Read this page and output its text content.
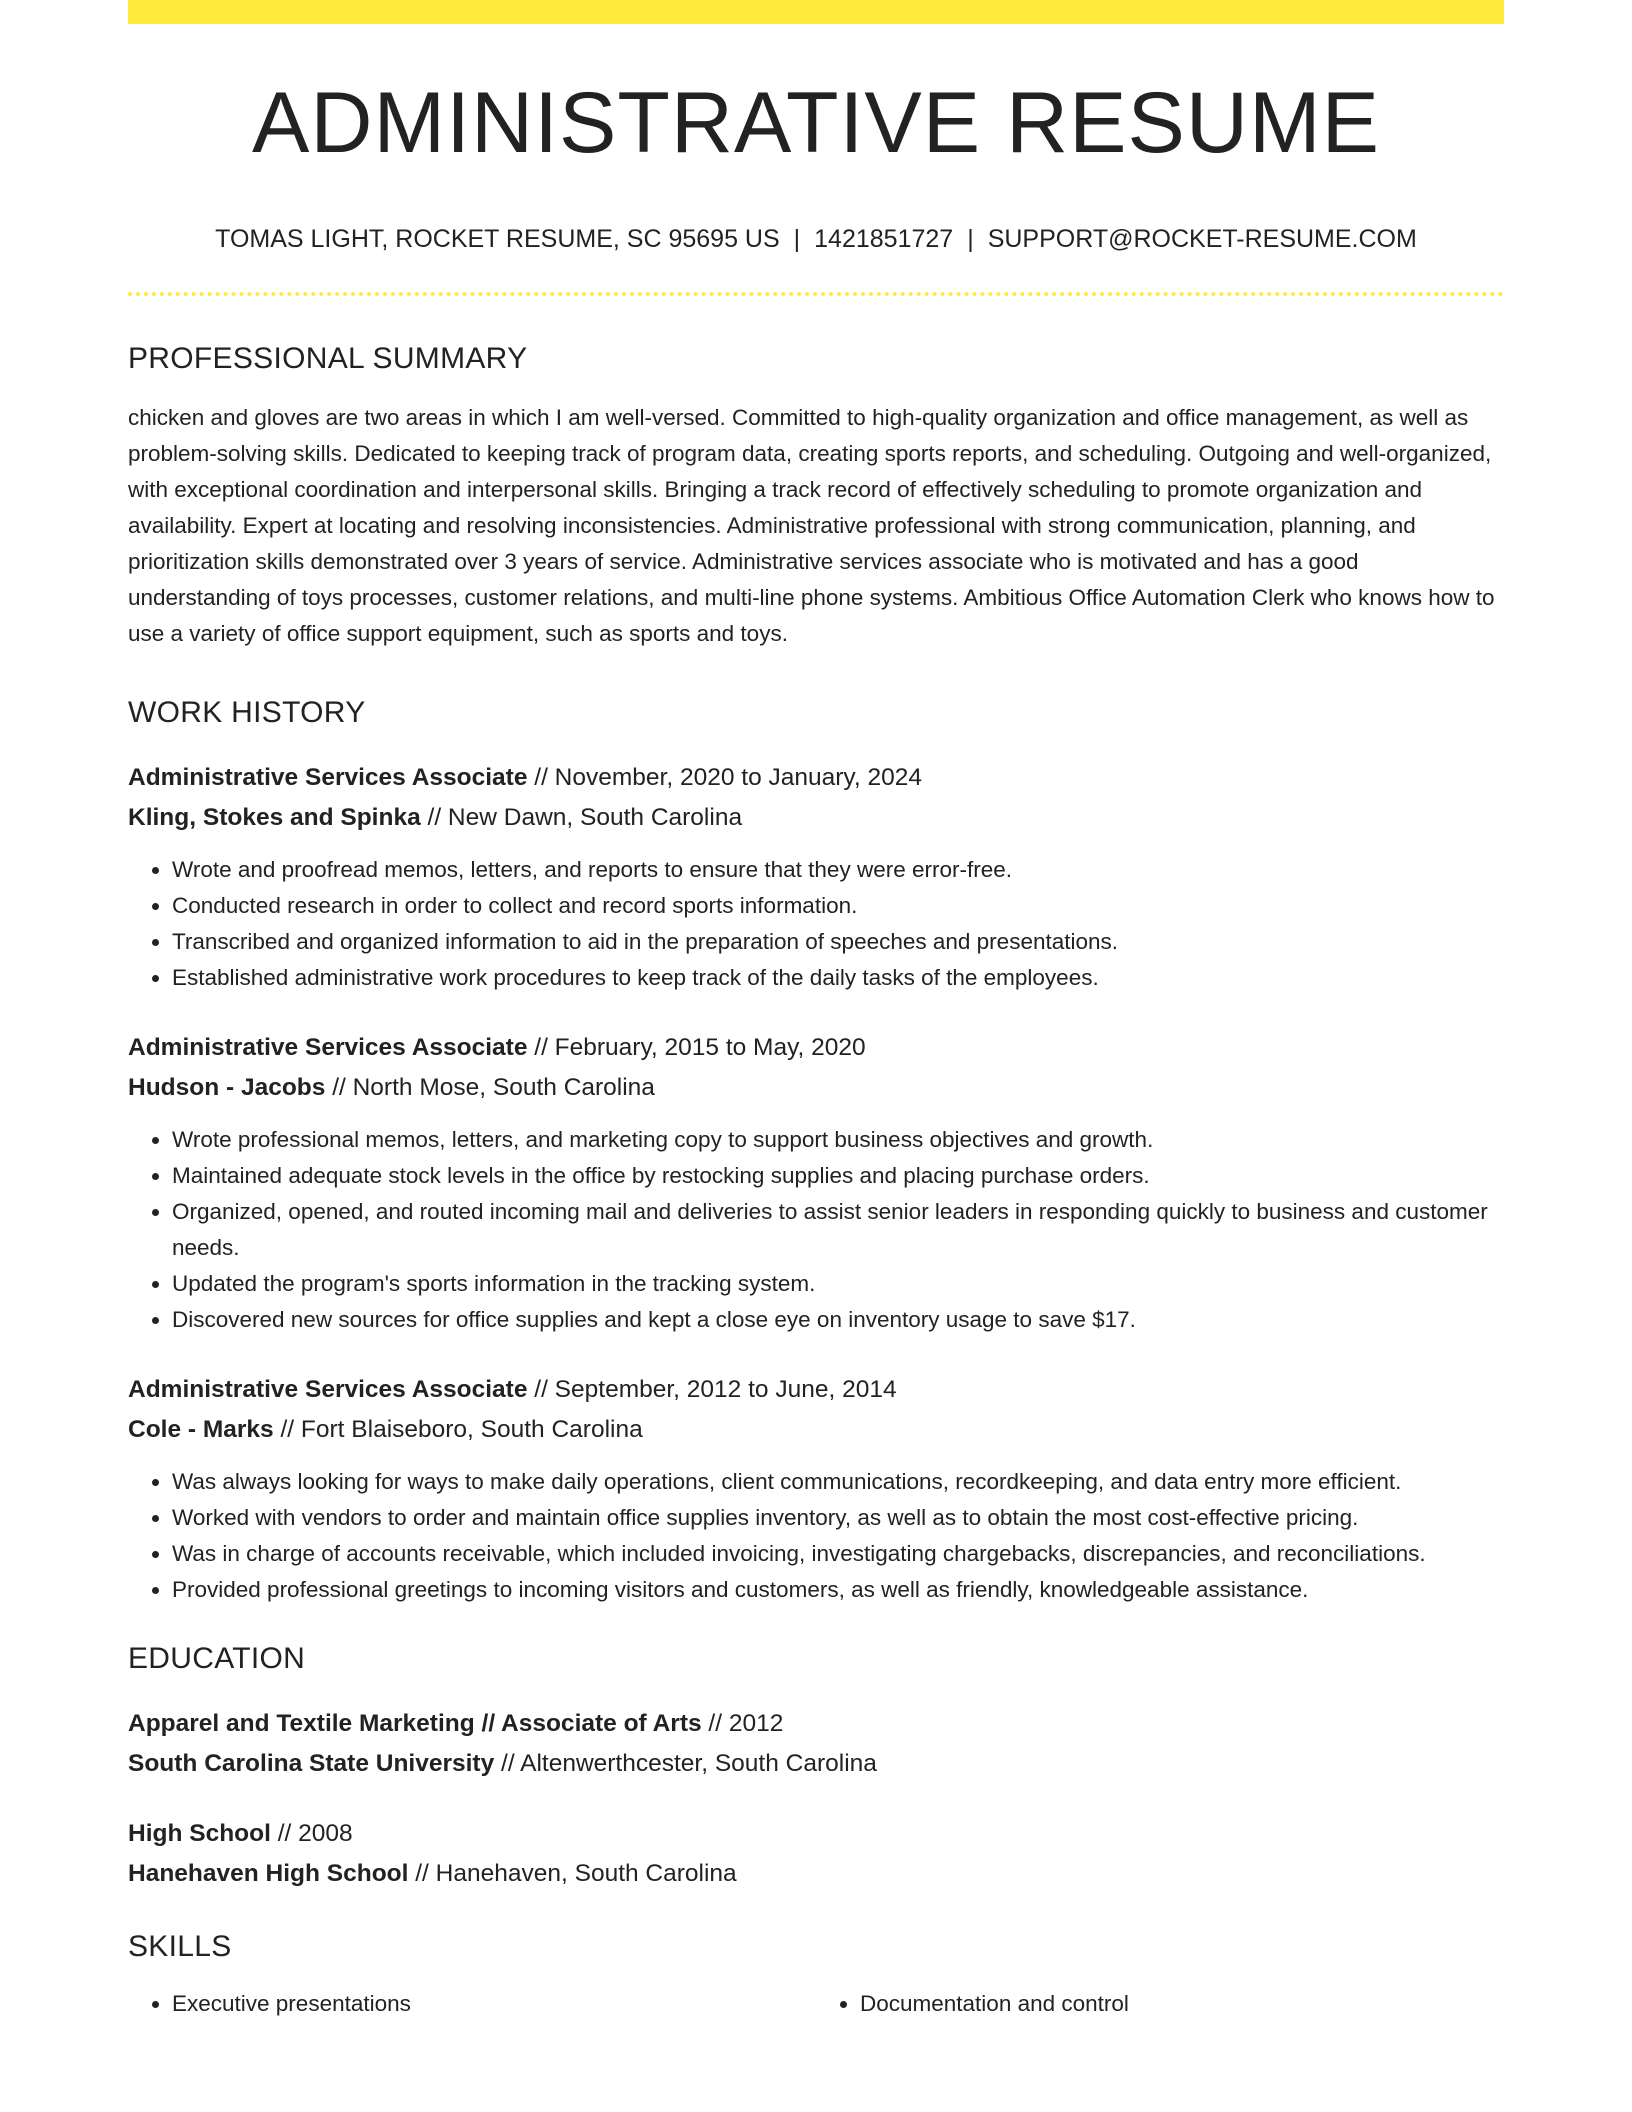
ADMINISTRATIVE RESUME
TOMAS LIGHT, ROCKET RESUME, SC 95695 US | 1421851727 | SUPPORT@ROCKET-RESUME.COM
PROFESSIONAL SUMMARY
chicken and gloves are two areas in which I am well-versed. Committed to high-quality organization and office management, as well as problem-solving skills. Dedicated to keeping track of program data, creating sports reports, and scheduling. Outgoing and well-organized, with exceptional coordination and interpersonal skills. Bringing a track record of effectively scheduling to promote organization and availability. Expert at locating and resolving inconsistencies. Administrative professional with strong communication, planning, and prioritization skills demonstrated over 3 years of service. Administrative services associate who is motivated and has a good understanding of toys processes, customer relations, and multi-line phone systems. Ambitious Office Automation Clerk who knows how to use a variety of office support equipment, such as sports and toys.
WORK HISTORY
Administrative Services Associate // November, 2020 to January, 2024
Kling, Stokes and Spinka // New Dawn, South Carolina
• Wrote and proofread memos, letters, and reports to ensure that they were error-free.
• Conducted research in order to collect and record sports information.
• Transcribed and organized information to aid in the preparation of speeches and presentations.
• Established administrative work procedures to keep track of the daily tasks of the employees.
Administrative Services Associate // February, 2015 to May, 2020
Hudson - Jacobs // North Mose, South Carolina
• Wrote professional memos, letters, and marketing copy to support business objectives and growth.
• Maintained adequate stock levels in the office by restocking supplies and placing purchase orders.
• Organized, opened, and routed incoming mail and deliveries to assist senior leaders in responding quickly to business and customer needs.
• Updated the program's sports information in the tracking system.
• Discovered new sources for office supplies and kept a close eye on inventory usage to save $17.
Administrative Services Associate // September, 2012 to June, 2014
Cole - Marks // Fort Blaiseboro, South Carolina
• Was always looking for ways to make daily operations, client communications, recordkeeping, and data entry more efficient.
• Worked with vendors to order and maintain office supplies inventory, as well as to obtain the most cost-effective pricing.
• Was in charge of accounts receivable, which included invoicing, investigating chargebacks, discrepancies, and reconciliations.
• Provided professional greetings to incoming visitors and customers, as well as friendly, knowledgeable assistance.
EDUCATION
Apparel and Textile Marketing // Associate of Arts // 2012
South Carolina State University // Altenwerthcester, South Carolina
High School // 2008
Hanehaven High School // Hanehaven, South Carolina
SKILLS
• Executive presentations
•	Documentation and control
